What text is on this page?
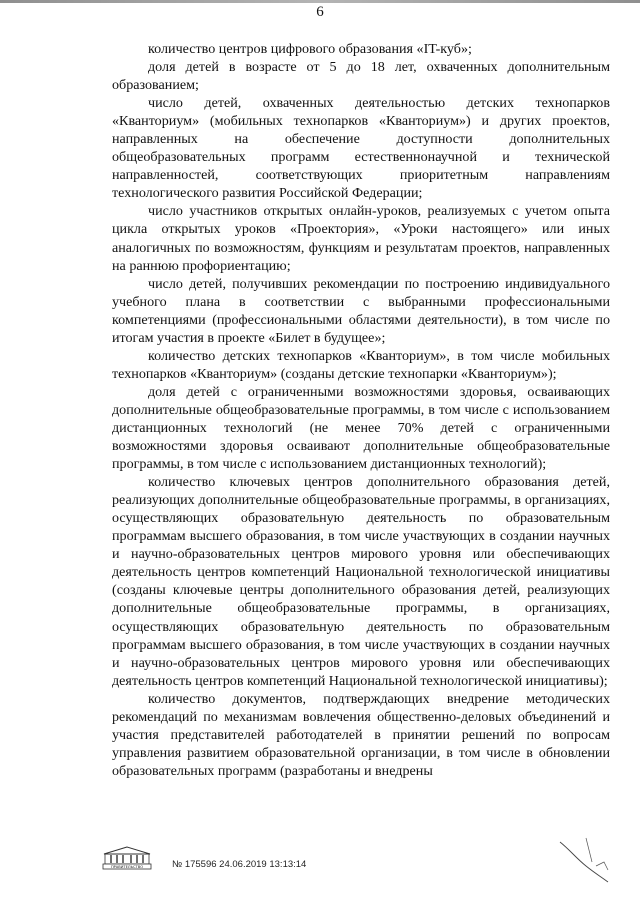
6

количество центров цифрового образования «IT-куб»;

доля детей в возрасте от 5 до 18 лет, охваченных дополнительным образованием;

число детей, охваченных деятельностью детских технопарков «Кванториум» (мобильных технопарков «Кванториум») и других проектов, направленных на обеспечение доступности дополнительных общеобразовательных программ естественнонаучной и технической направленностей, соответствующих приоритетным направлениям технологического развития Российской Федерации;

число участников открытых онлайн-уроков, реализуемых с учетом опыта цикла открытых уроков «Проектория», «Уроки настоящего» или иных аналогичных по возможностям, функциям и результатам проектов, направленных на раннюю профориентацию;

число детей, получивших рекомендации по построению индивидуального учебного плана в соответствии с выбранными профессиональными компетенциями (профессиональными областями деятельности), в том числе по итогам участия в проекте «Билет в будущее»;

количество детских технопарков «Кванториум», в том числе мобильных технопарков «Кванториум» (созданы детские технопарки «Кванториум»);

доля детей с ограниченными возможностями здоровья, осваивающих дополнительные общеобразовательные программы, в том числе с использованием дистанционных технологий (не менее 70% детей с ограниченными возможностями здоровья осваивают дополнительные общеобразовательные программы, в том числе с использованием дистанционных технологий);

количество ключевых центров дополнительного образования детей, реализующих дополнительные общеобразовательные программы, в организациях, осуществляющих образовательную деятельность по образовательным программам высшего образования, в том числе участвующих в создании научных и научно-образовательных центров мирового уровня или обеспечивающих деятельность центров компетенций Национальной технологической инициативы (созданы ключевые центры дополнительного образования детей, реализующих дополнительные общеобразовательные программы, в организациях, осуществляющих образовательную деятельность по образовательным программам высшего образования, в том числе участвующих в создании научных и научно-образовательных центров мирового уровня или обеспечивающих деятельность центров компетенций Национальной технологической инициативы);

количество документов, подтверждающих внедрение методических рекомендаций по механизмам вовлечения общественно-деловых объединений и участия представителей работодателей в принятии решений по вопросам управления развитием образовательной организации, в том числе в обновлении образовательных программ (разработаны и внедрены

ПРАВИТЕЛЬСТВО	№ 175596 24.06.2019 13:13:14
